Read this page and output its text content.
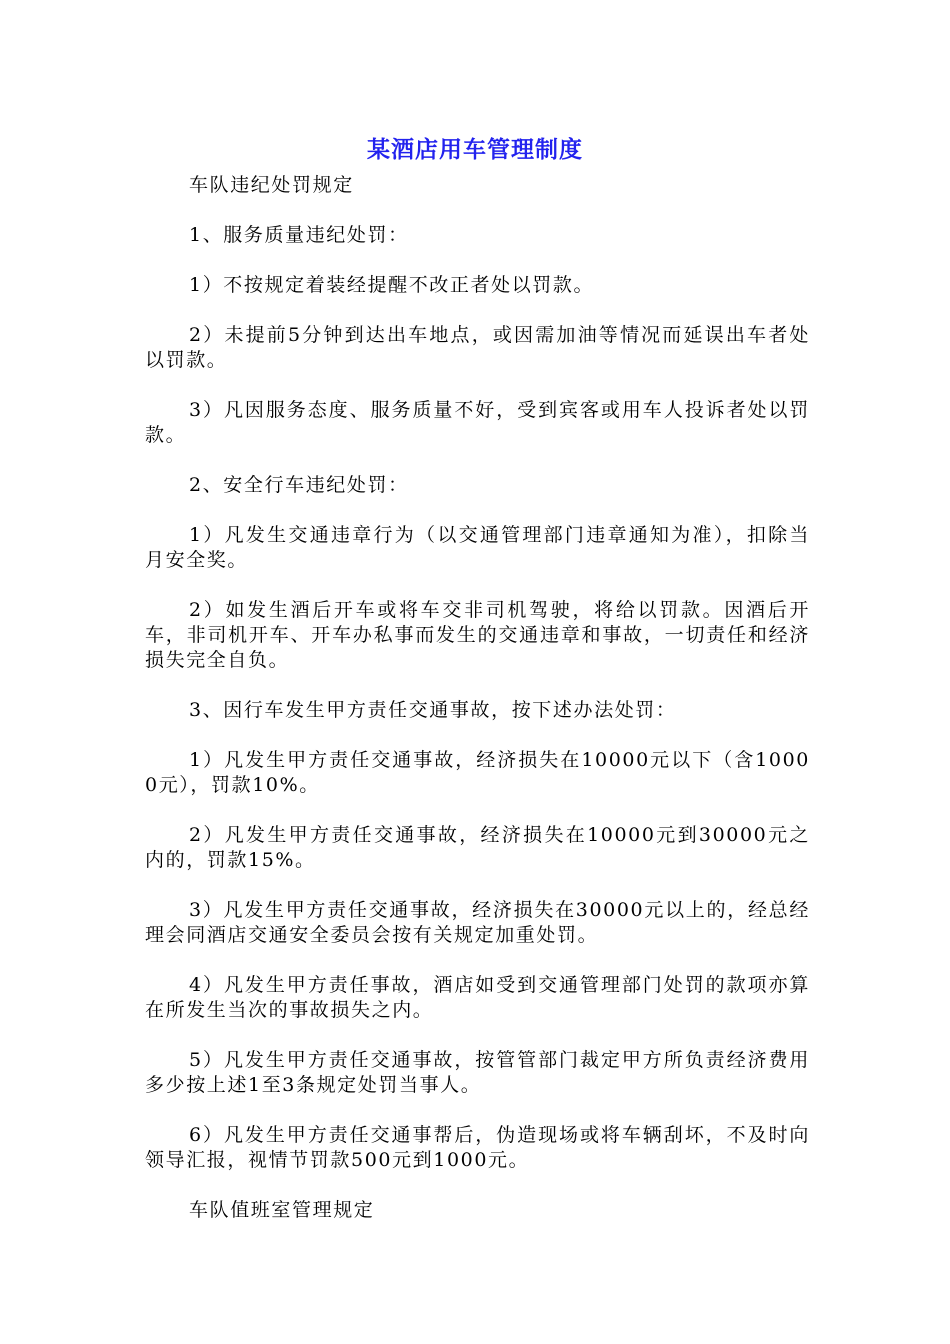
某酒店用车管理制度

车队违纪处罚规定

1、服务质量违纪处罚：

1）不按规定着装经提醒不改正者处以罚款。

2）未提前5分钟到达出车地点，或因需加油等情况而延误出车者处以罚款。

3）凡因服务态度、服务质量不好，受到宾客或用车人投诉者处以罚款。

2、安全行车违纪处罚：

1）凡发生交通违章行为（以交通管理部门违章通知为准），扣除当月安全奖。

2）如发生酒后开车或将车交非司机驾驶，将给以罚款。因酒后开车，非司机开车、开车办私事而发生的交通违章和事故，一切责任和经济损失完全自负。

3、因行车发生甲方责任交通事故，按下述办法处罚：

1）凡发生甲方责任交通事故，经济损失在10000元以下（含10000元），罚款10%。

2）凡发生甲方责任交通事故，经济损失在10000元到30000元之内的，罚款15%。

3）凡发生甲方责任交通事故，经济损失在30000元以上的，经总经理会同酒店交通安全委员会按有关规定加重处罚。

4）凡发生甲方责任事故，酒店如受到交通管理部门处罚的款项亦算在所发生当次的事故损失之内。

5）凡发生甲方责任交通事故，按管管部门裁定甲方所负责经济费用多少按上述1至3条规定处罚当事人。

6）凡发生甲方责任交通事帮后，伪造现场或将车辆刮坏，不及时向领导汇报，视情节罚款500元到1000元。

车队值班室管理规定
